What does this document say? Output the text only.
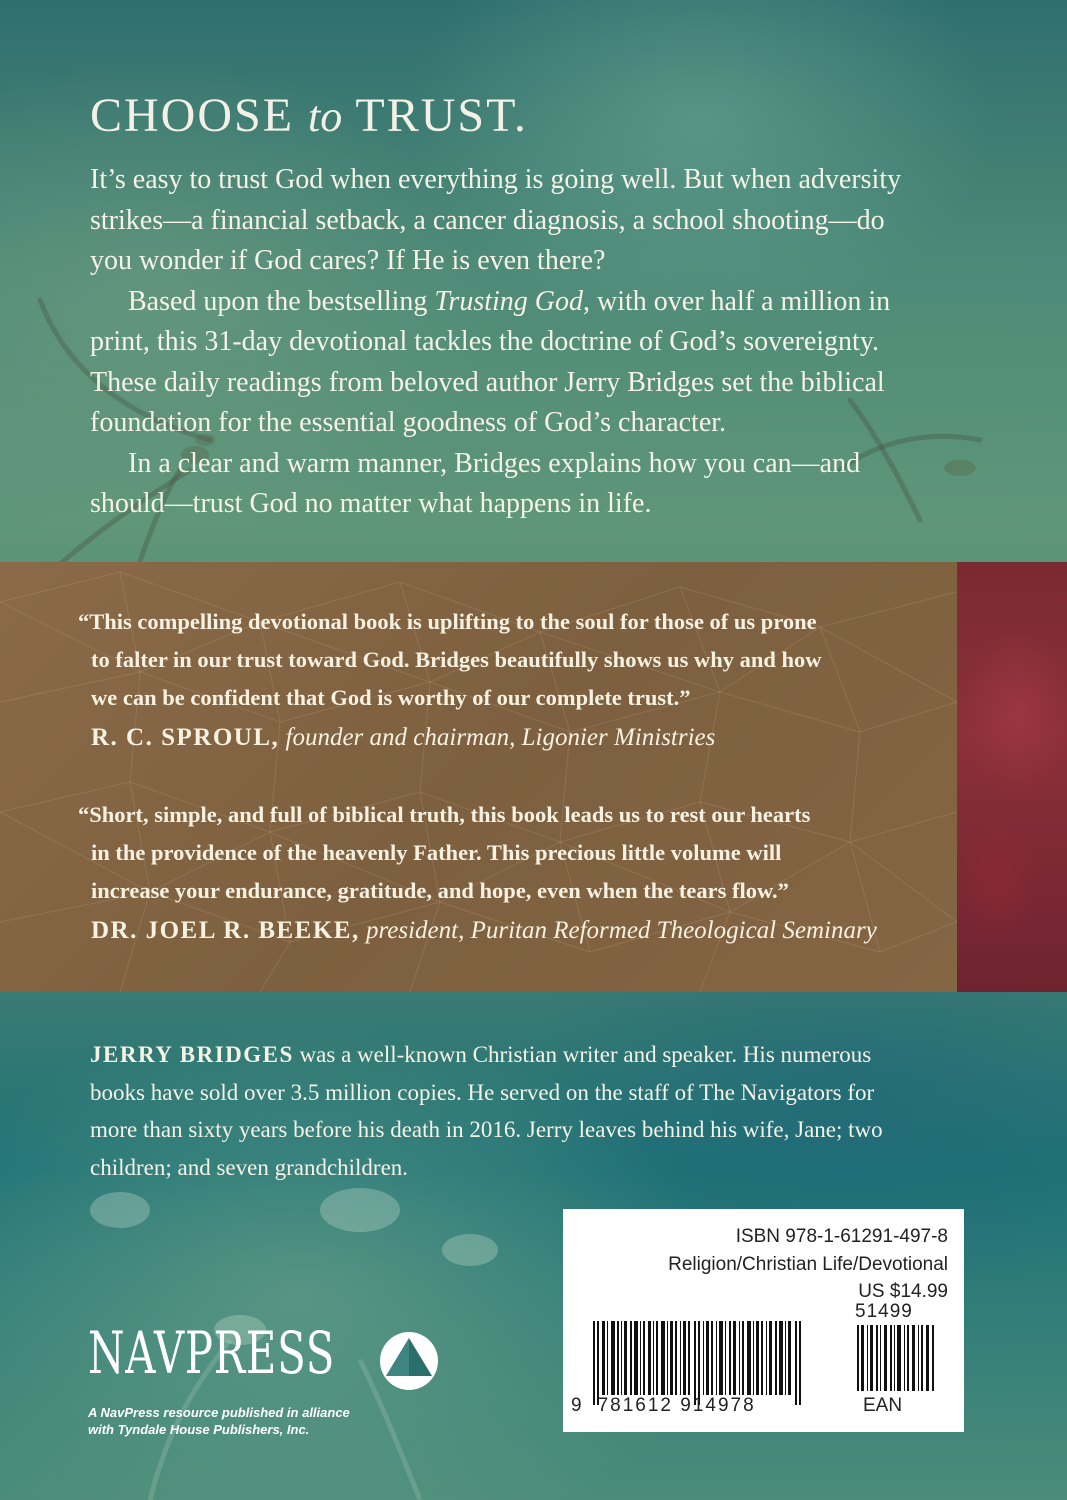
CHOOSE to TRUST.

It’s easy to trust God when everything is going well. But when adversity
strikes—a financial setback, a cancer diagnosis, a school shooting—do
you wonder if God cares? If He is even there?

Based upon the bestselling Trusting God, with over half a million in

print, this 31-day devotional tackles the doctrine of God’s sovereignty.
These daily readings from beloved author Jerry Bridges set the biblical
foundation for the essential goodness of God’s character.

In a clear and warm manner, Bridges explains how you can—and

should—trust God no matter what happens in life.

“This compelling devotional book is uplifting to the soul for those of us prone
to falter in our trust toward God. Bridges beautifully shows us why and how
we can be confident that God is worthy of our complete trust.”
R. C. SPROUL, founder and chairman, Ligonier Ministries
“Short, simple, and full of biblical truth, this book leads us to rest our hearts
in the providence of the heavenly Father. This precious little volume will
increase your endurance, gratitude, and hope, even when the tears flow.”
DR. JOEL R. BEEKE, president, Puritan Reformed Theological Seminary
JERRY BRIDGES was a well-known Christian writer and speaker. His numerous
books have sold over 3.5 million copies. He served on the staff of The Navigators for
more than sixty years before his death in 2016. Jerry leaves behind his wife, Jane; two
children; and seven grandchildren.
NAVPRESS
A NavPress resource published in alliance
with Tyndale House Publishers, Inc.
ISBN 978-1-61291-497-8
Religion/Christian Life/Devotional
US $14.99
51499
9 781612 914978	EAN
